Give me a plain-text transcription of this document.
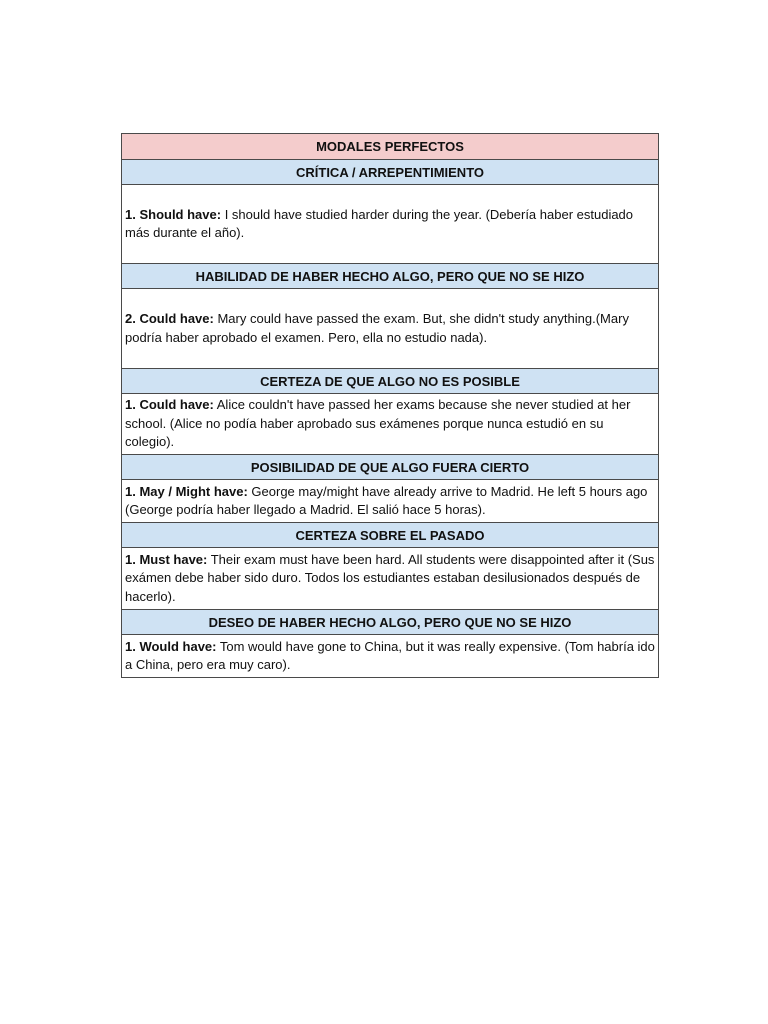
MODALES PERFECTOS
CRÍTICA / ARREPENTIMIENTO

1. Should have: I should have studied harder during the year. (Debería haber estudiado más durante el año).

HABILIDAD DE HABER HECHO ALGO, PERO QUE NO SE HIZO

2. Could have: Mary could have passed the exam. But, she didn't study anything.(Mary podría haber aprobado el examen. Pero, ella no estudio nada).

CERTEZA DE QUE ALGO NO ES POSIBLE

1. Could have: Alice couldn't have passed her exams because she never studied at her school. (Alice no podía haber aprobado sus exámenes porque nunca estudió en su colegio).

POSIBILIDAD DE QUE ALGO FUERA CIERTO

1. May / Might have: George may/might have already arrive to Madrid. He left 5 hours ago (George podría haber llegado a Madrid. El salió hace 5 horas).

CERTEZA SOBRE EL PASADO

1. Must have: Their exam must have been hard. All students were disappointed after it (Sus exámen debe haber sido duro. Todos los estudiantes estaban desilusionados después de hacerlo).

DESEO DE HABER HECHO ALGO, PERO QUE NO SE HIZO

1. Would have: Tom would have gone to China, but it was really expensive. (Tom habría ido a China, pero era muy caro).
